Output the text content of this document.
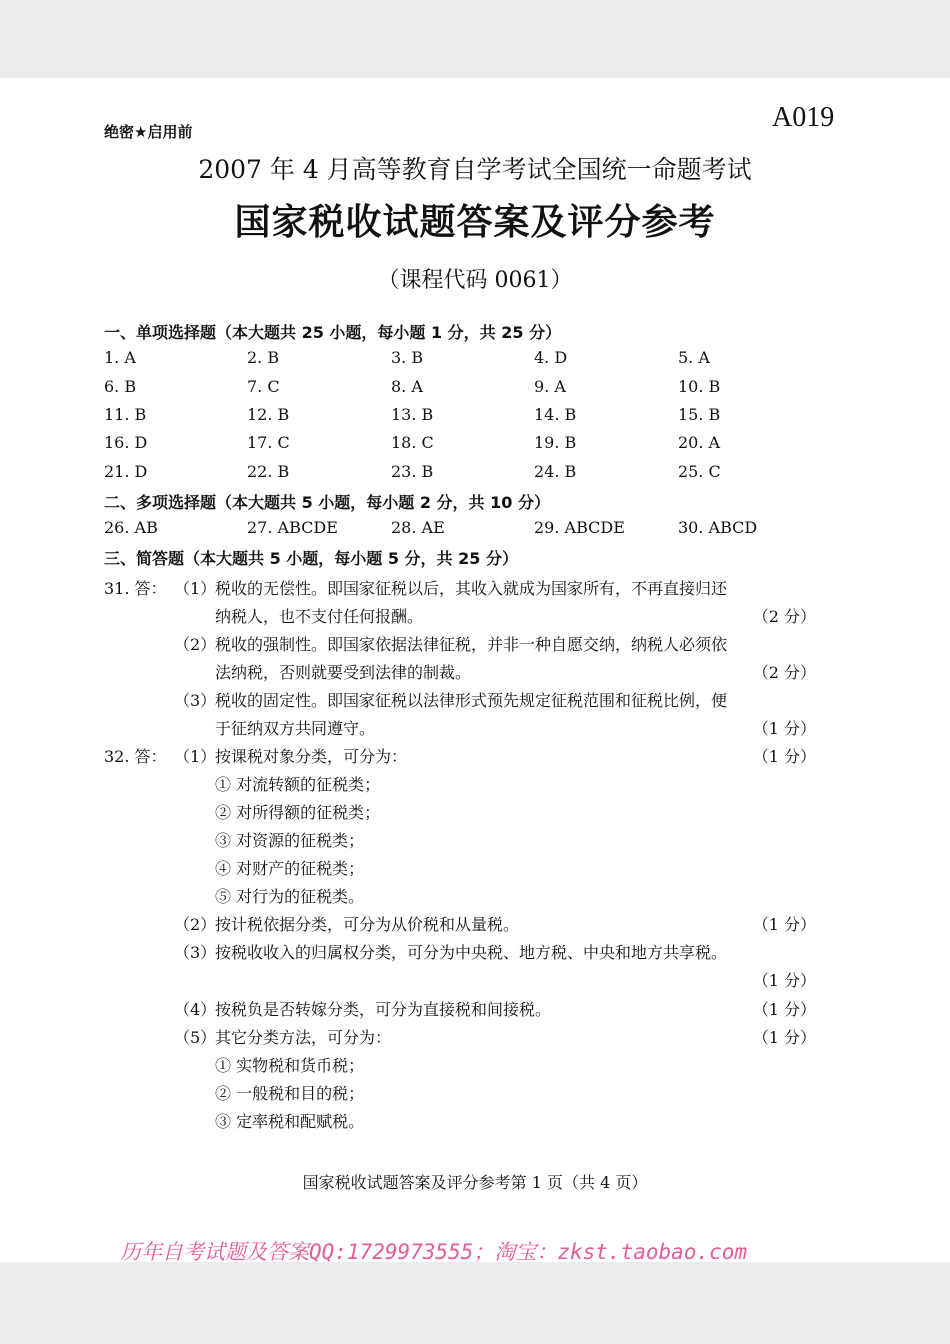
绝密★启用前	A019
2007 年 4 月高等教育自学考试全国统一命题考试
国家税收试题答案及评分参考
（课程代码 0061）
一、单项选择题（本大题共 25 小题，每小题 1 分，共 25 分）
1. A	2. B	3. B	4. D	5. A
6. B	7. C	8. A	9. A	10. B
11. B	12. B	13. B	14. B	15. B
16. D	17. C	18. C	19. B	20. A
21. D	22. B	23. B	24. B	25. C
二、多项选择题（本大题共 5 小题，每小题 2 分，共 10 分）
26. AB	27. ABCDE	28. AE	29. ABCDE	30. ABCD
三、简答题（本大题共 5 小题，每小题 5 分，共 25 分）
31. 答： （1）
税收的无偿性。即国家征税以后，其收入就成为国家所有，不再直接归还
纳税人，也不支付任何报酬。	（2 分）
（2）
税收的强制性。即国家依据法律征税，并非一种自愿交纳，纳税人必须依
法纳税，否则就要受到法律的制裁。	（2 分）
（3）
税收的固定性。即国家征税以法律形式预先规定征税范围和征税比例，便
于征纳双方共同遵守。	（1 分）
32. 答： （1）
按课税对象分类，可分为：	（1 分）
① 对流转额的征税类；
② 对所得额的征税类；
③ 对资源的征税类；
④ 对财产的征税类；
⑤ 对行为的征税类。
（2）
按计税依据分类，可分为从价税和从量税。	（1 分）
（3）
按税收收入的归属权分类，可分为中央税、地方税、中央和地方共享税。
（1 分）
（4）
按税负是否转嫁分类，可分为直接税和间接税。	（1 分）
（5）
其它分类方法，可分为：	（1 分）
① 实物税和货币税；
② 一般税和目的税；
③ 定率税和配赋税。
国家税收试题答案及评分参考第 1 页（共 4 页）
历年自考试题及答案QQ:1729973555；淘宝：zkst.taobao.com
